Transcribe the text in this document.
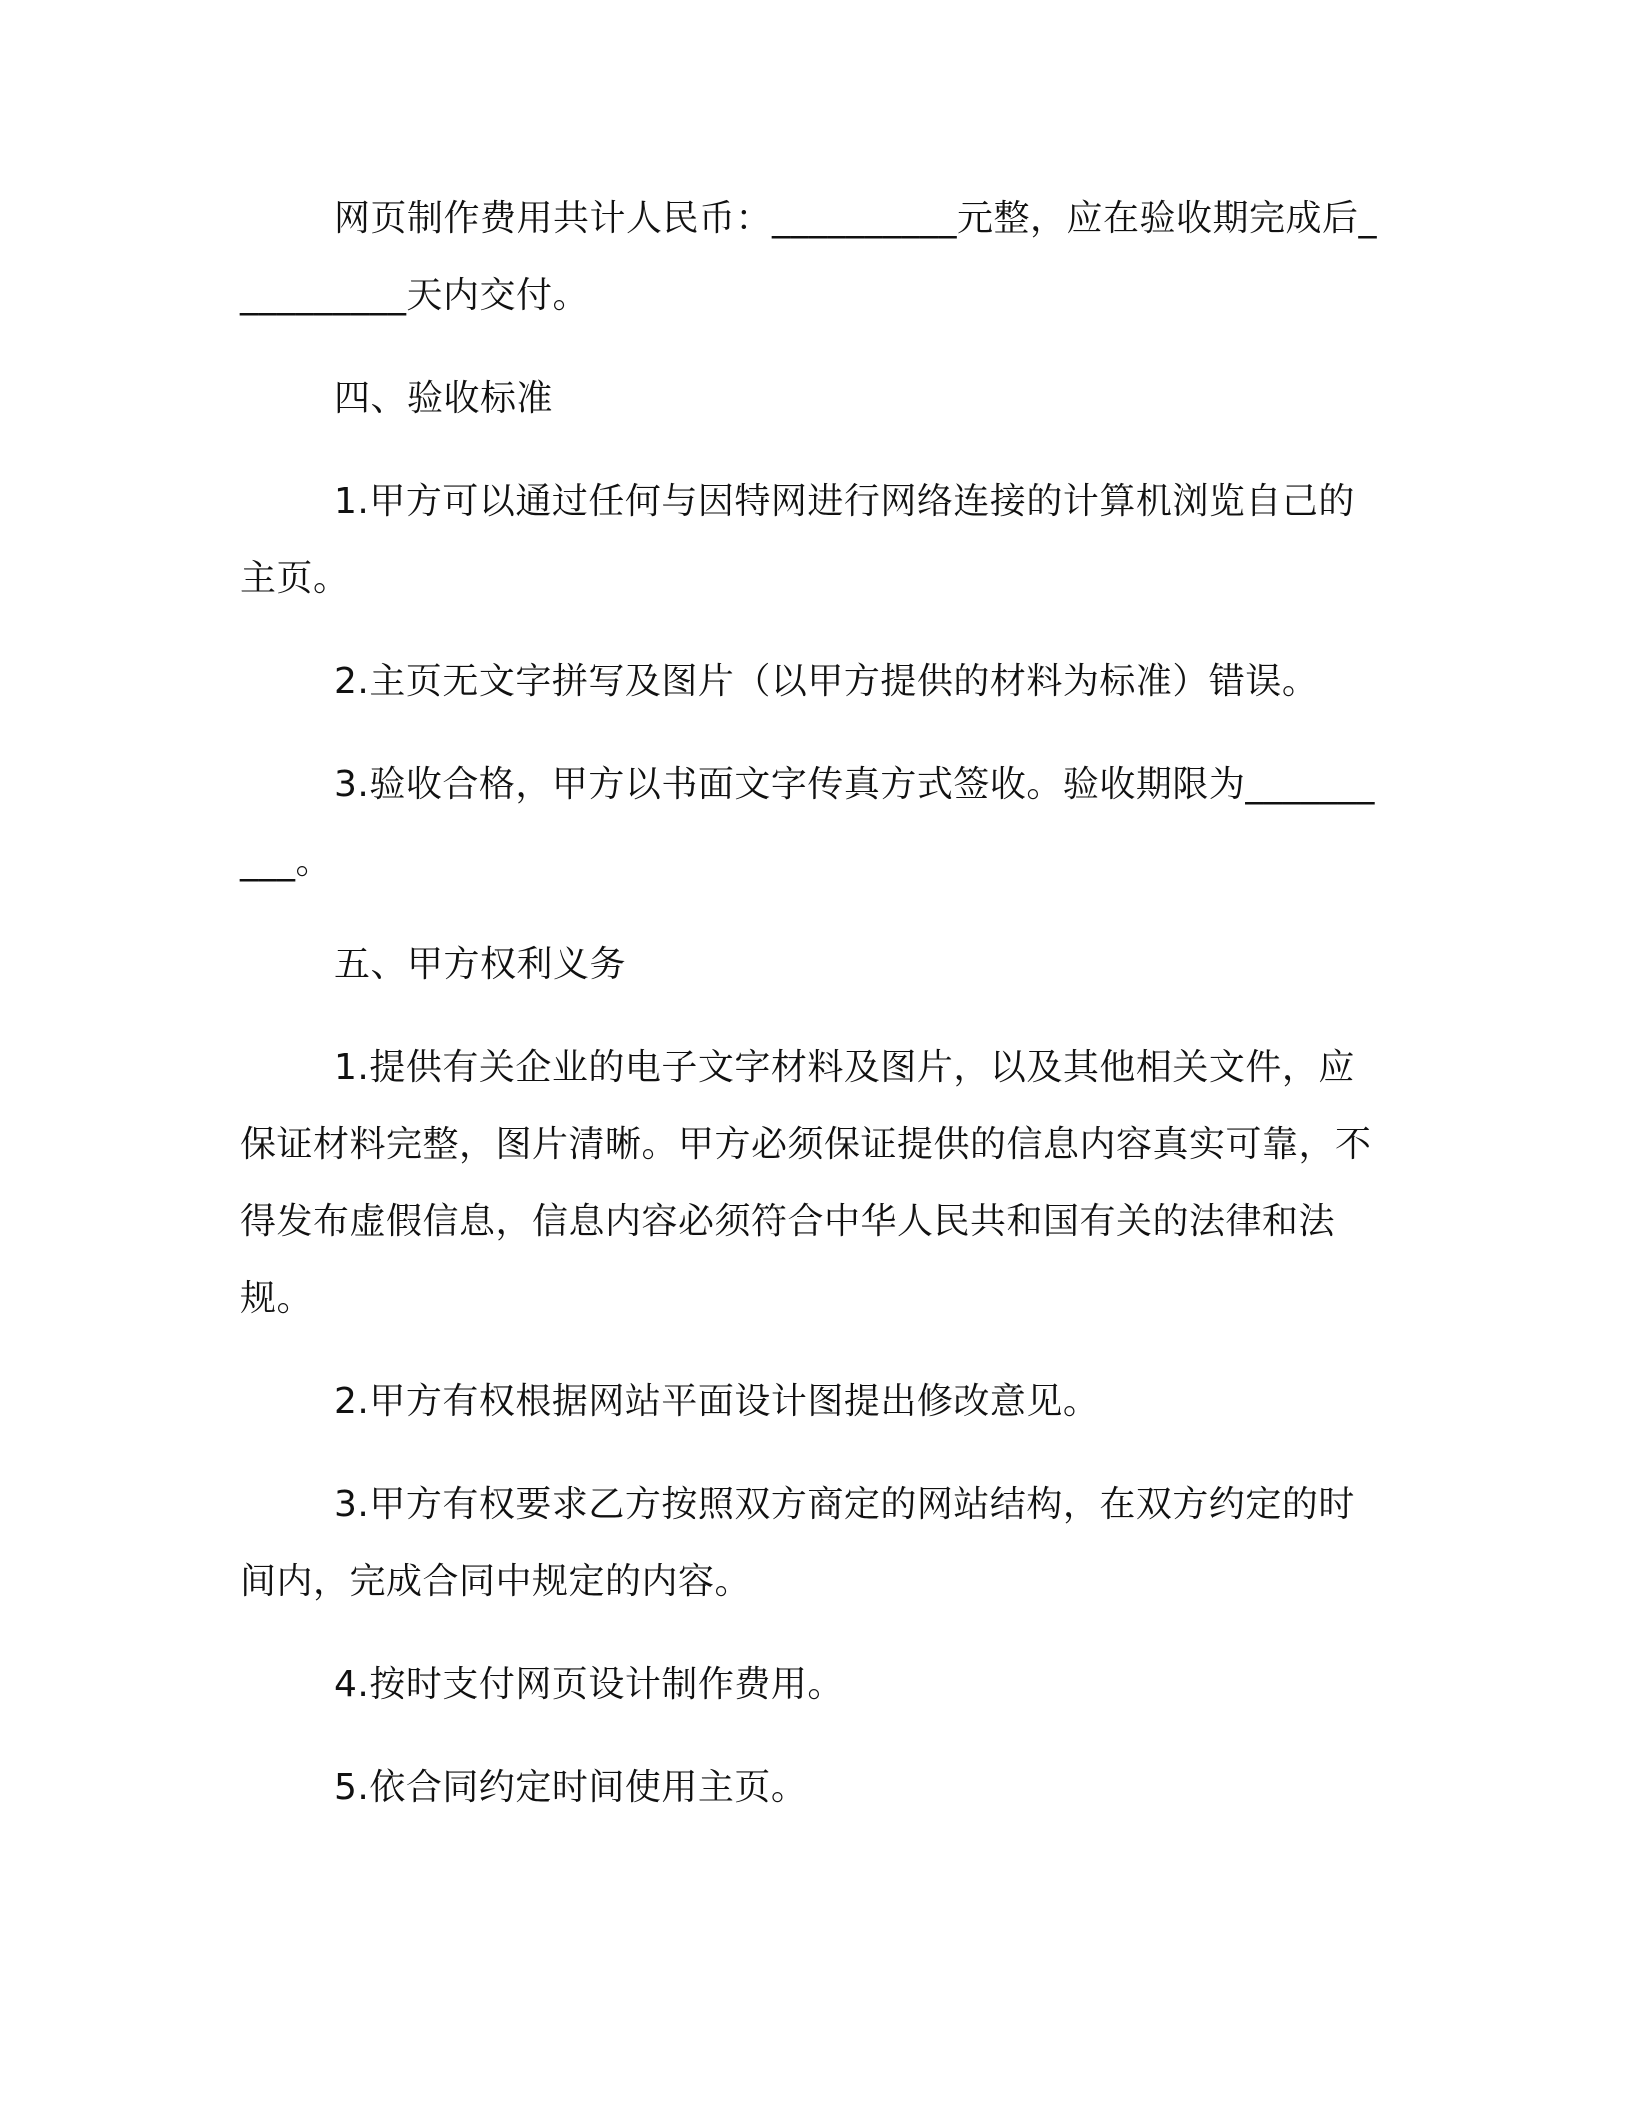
网页制作费用共计人民币：__________元整，应在验收期完成后__________天内交付。

四、验收标准

1.甲方可以通过任何与因特网进行网络连接的计算机浏览自己的主页。

2.主页无文字拼写及图片（以甲方提供的材料为标准）错误。

3.验收合格，甲方以书面文字传真方式签收。验收期限为__________。

五、甲方权利义务

1.提供有关企业的电子文字材料及图片，以及其他相关文件，应保证材料完整，图片清晰。甲方必须保证提供的信息内容真实可靠，不得发布虚假信息，信息内容必须符合中华人民共和国有关的法律和法规。

2.甲方有权根据网站平面设计图提出修改意见。

3.甲方有权要求乙方按照双方商定的网站结构，在双方约定的时间内，完成合同中规定的内容。

4.按时支付网页设计制作费用。

5.依合同约定时间使用主页。
